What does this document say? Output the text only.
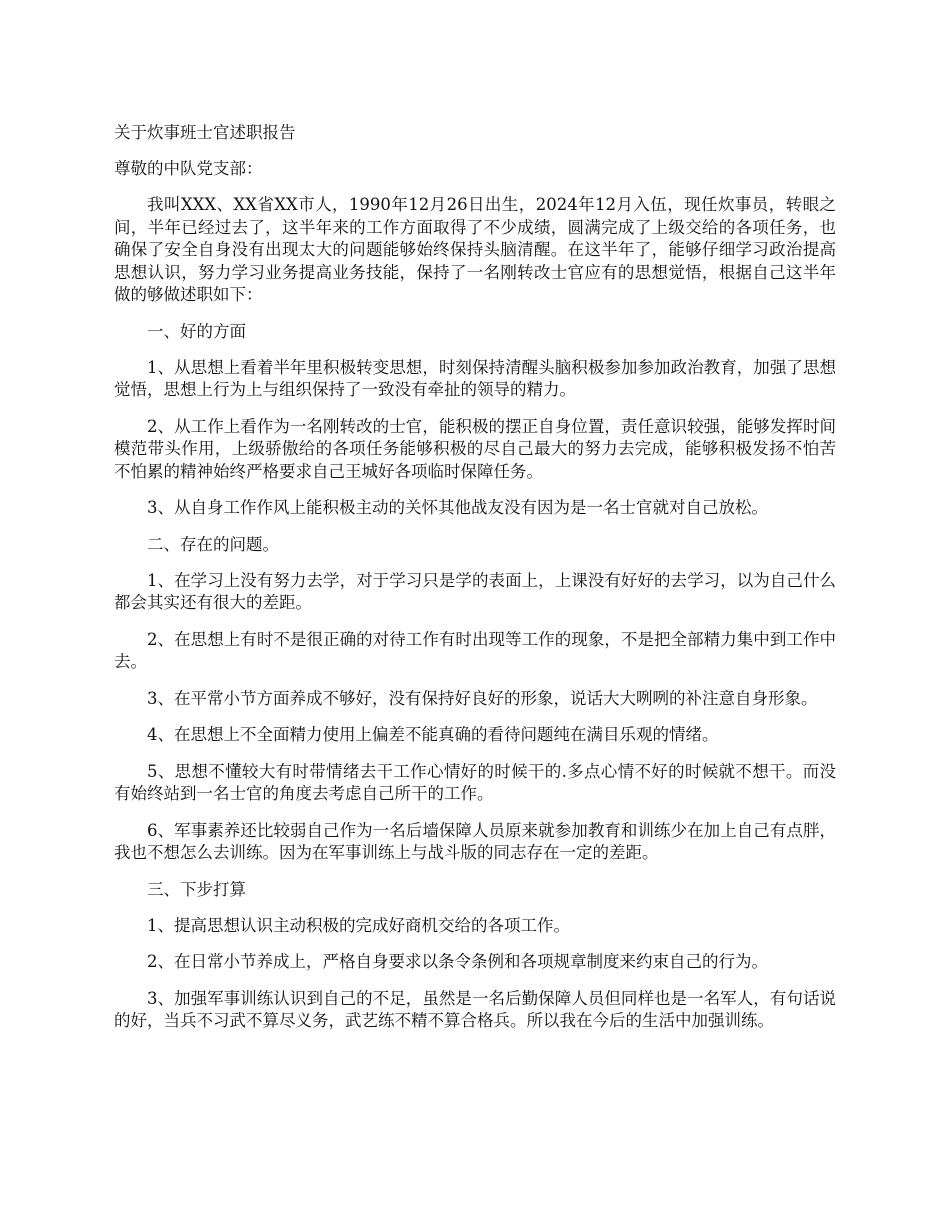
关于炊事班士官述职报告

尊敬的中队党支部：

我叫XXX、XX省XX市人，1990年12月26日出生，2024年12月入伍，现任炊事员，转眼之间，半年已经过去了，这半年来的工作方面取得了不少成绩，圆满完成了上级交给的各项任务，也确保了安全自身没有出现太大的问题能够始终保持头脑清醒。在这半年了，能够仔细学习政治提高思想认识，努力学习业务提高业务技能，保持了一名刚转改士官应有的思想觉悟，根据自己这半年做的够做述职如下：

一、好的方面

1、从思想上看着半年里积极转变思想，时刻保持清醒头脑积极参加参加政治教育，加强了思想觉悟，思想上行为上与组织保持了一致没有牵扯的领导的精力。

2、从工作上看作为一名刚转改的士官，能积极的摆正自身位置，责任意识较强，能够发挥时间模范带头作用，上级骄傲给的各项任务能够积极的尽自己最大的努力去完成，能够积极发扬不怕苦不怕累的精神始终严格要求自己王城好各项临时保障任务。

3、从自身工作作风上能积极主动的关怀其他战友没有因为是一名士官就对自己放松。

二、存在的问题。

1、在学习上没有努力去学，对于学习只是学的表面上，上课没有好好的去学习，以为自己什么都会其实还有很大的差距。

2、在思想上有时不是很正确的对待工作有时出现等工作的现象，不是把全部精力集中到工作中去。

3、在平常小节方面养成不够好，没有保持好良好的形象，说话大大咧咧的补注意自身形象。

4、在思想上不全面精力使用上偏差不能真确的看待问题纯在满目乐观的情绪。

5、思想不懂较大有时带情绪去干工作心情好的时候干的.多点心情不好的时候就不想干。而没有始终站到一名士官的角度去考虑自己所干的工作。

6、军事素养还比较弱自己作为一名后墙保障人员原来就参加教育和训练少在加上自己有点胖，我也不想怎么去训练。因为在军事训练上与战斗版的同志存在一定的差距。

三、下步打算

1、提高思想认识主动积极的完成好商机交给的各项工作。

2、在日常小节养成上，严格自身要求以条令条例和各项规章制度来约束自己的行为。

3、加强军事训练认识到自己的不足，虽然是一名后勤保障人员但同样也是一名军人，有句话说的好，当兵不习武不算尽义务，武艺练不精不算合格兵。所以我在今后的生活中加强训练。
